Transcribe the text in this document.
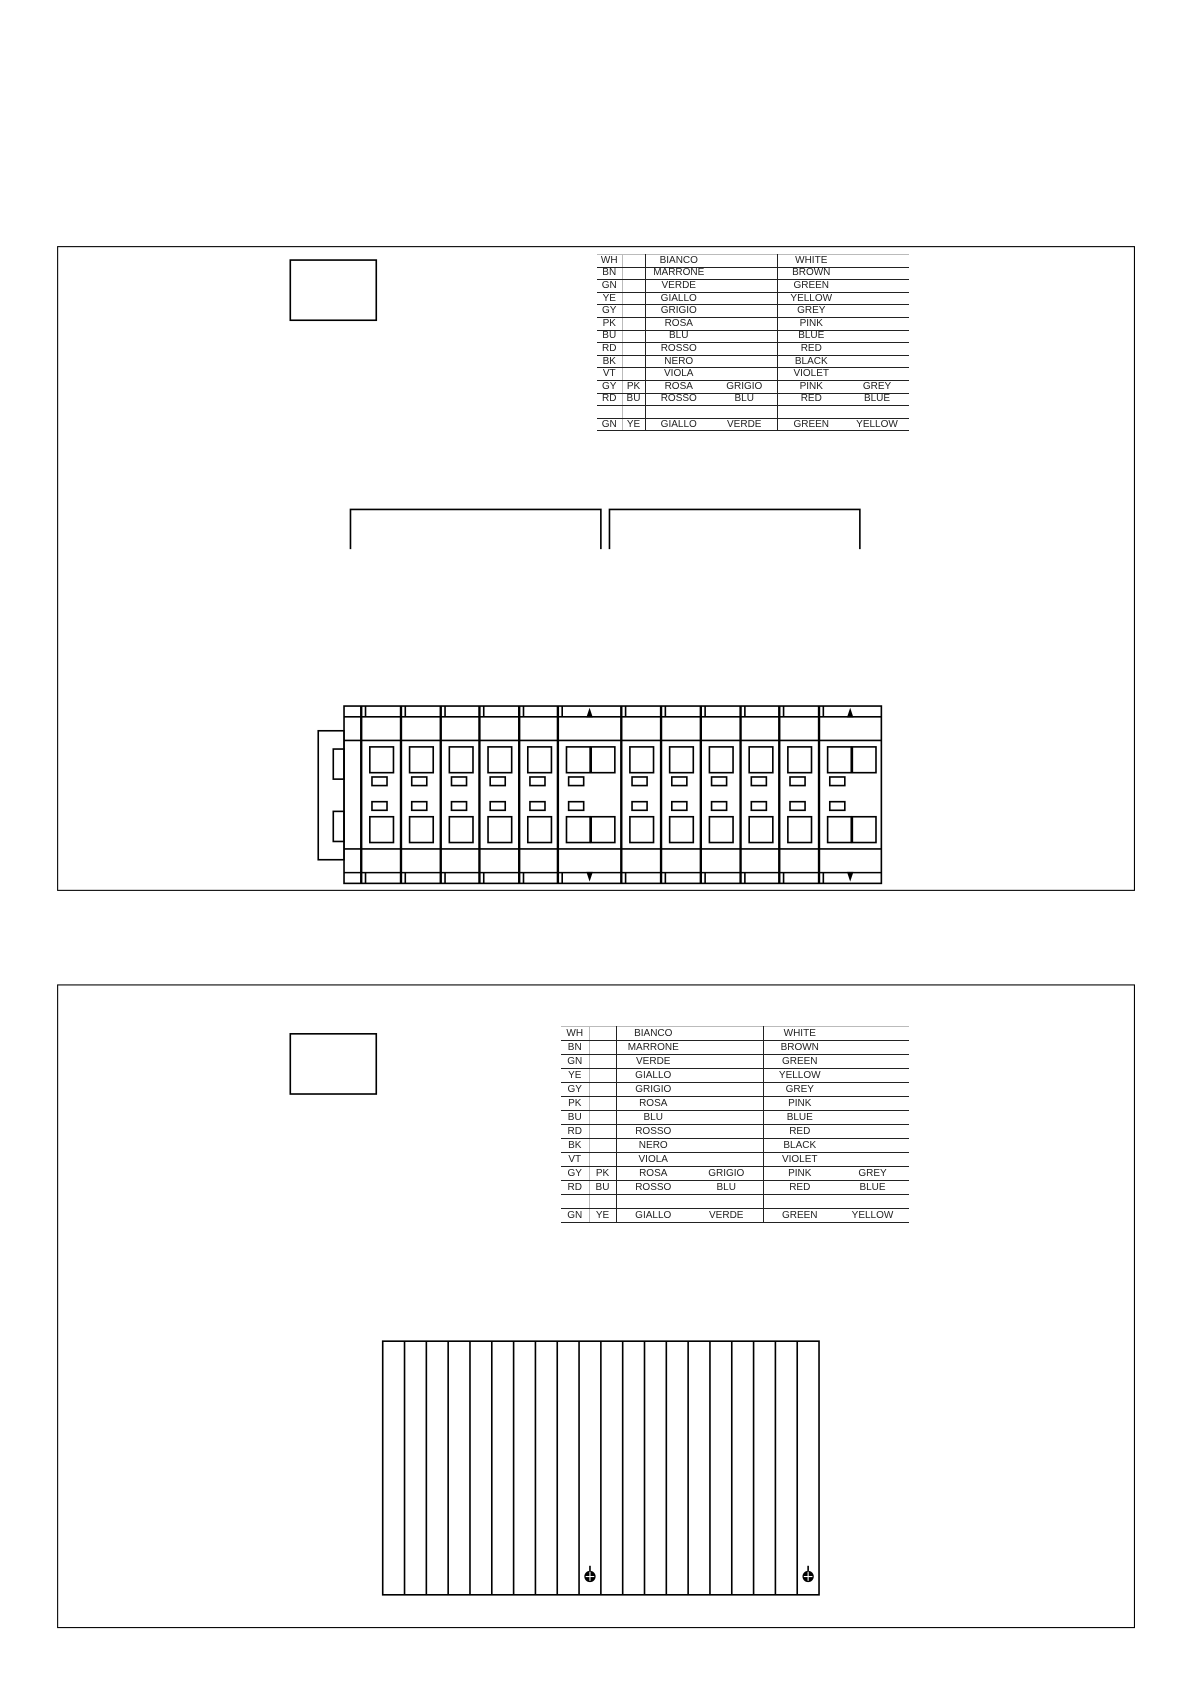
WH		BIANCO		WHITE	
BN		MARRONE		BROWN	
GN		VERDE		GREEN	
YE		GIALLO		YELLOW	
GY		GRIGIO		GREY	
PK		ROSA		PINK	
BU		BLU		BLUE	
RD		ROSSO		RED	
BK		NERO		BLACK	
VT		VIOLA		VIOLET	
GY	PK	ROSA	GRIGIO	PINK	GREY
RD	BU	ROSSO	BLU	RED	BLUE

GN	YE	GIALLO	VERDE	GREEN	YELLOW
WH		BIANCO		WHITE	
BN		MARRONE		BROWN	
GN		VERDE		GREEN	
YE		GIALLO		YELLOW	
GY		GRIGIO		GREY	
PK		ROSA		PINK	
BU		BLU		BLUE	
RD		ROSSO		RED	
BK		NERO		BLACK	
VT		VIOLA		VIOLET	
GY	PK	ROSA	GRIGIO	PINK	GREY
RD	BU	ROSSO	BLU	RED	BLUE

GN	YE	GIALLO	VERDE	GREEN	YELLOW
